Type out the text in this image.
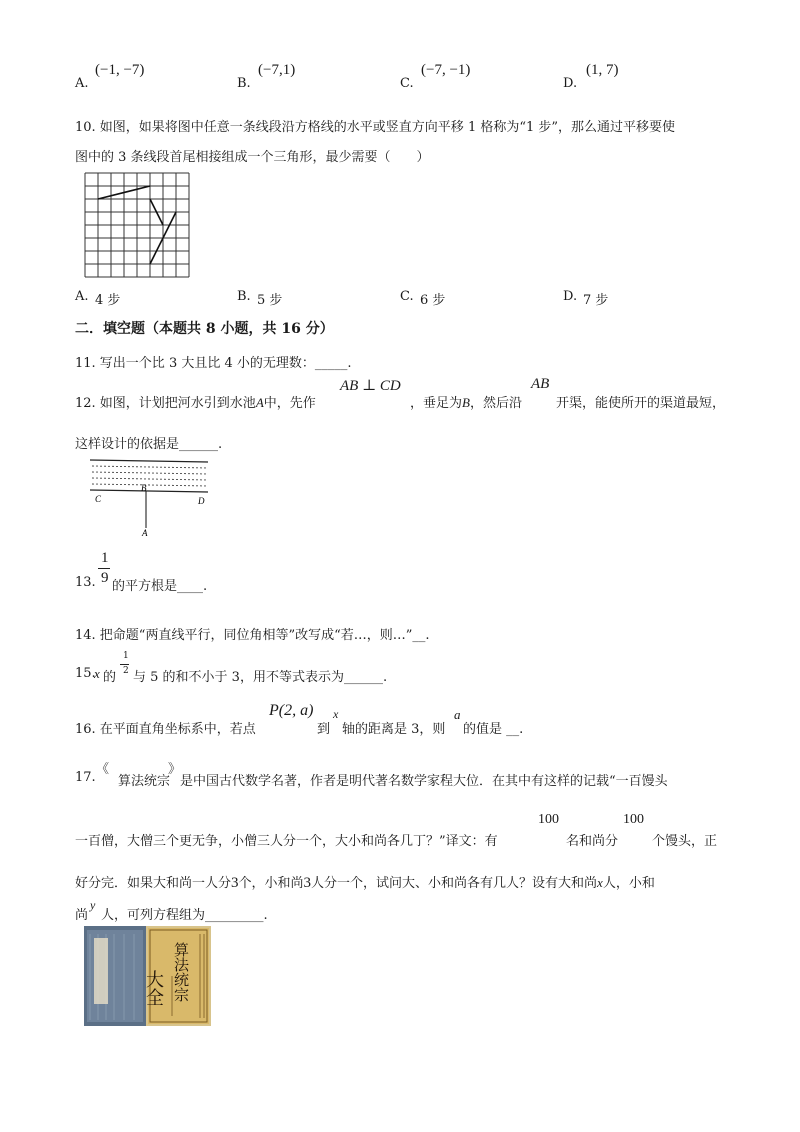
A.
(−1, −7)
B.
(−7,1)
C.
(−7, −1)
D.
(1, 7)
10. 如图，如果将图中任意一条线段沿方格线的水平或竖直方向平移 1 格称为“1 步”，那么通过平移要使
图中的 3 条线段首尾相接组成一个三角形，最少需要（　　）
A. 4 步	B. 5 步	C. 6 步	D. 7 步
二．填空题（本题共 8 小题，共 16 分）
11. 写出一个比 3 大且比 4 小的无理数：_____.
12. 如图，计划把河水引到水池A中，先作
AB ⊥ CD
，垂足为B，然后沿
AB
开渠，能使所开的渠道最短，
这样设计的依据是______.
B
C	D
A
1
9
13. 的平方根是____.
14. 把命题“两直线平行，同位角相等”改写成“若…，则…”__.
15.
x 的
1
2 与 5 的和不小于 3，用不等式表示为______.
16. 在平面直角坐标系中，若点
P(2, a)
到
x
轴的距离是 3，则
a
的值是 __.
17.
《
算法统宗
》
是中国古代数学名著，作者是明代著名数学家程大位．在其中有这样的记载“一百馒头
一百僧，大僧三个更无争，小僧三人分一个，大小和尚各几丁？”译文：有
100
名和尚分
100
个馒头，正
好分完．如果大和尚一人分3个，小和尚3人分一个，试问大、小和尚各有几人？设有大和尚x人，小和
尚
y
人，可列方程组为_________.
大全 算法统宗
